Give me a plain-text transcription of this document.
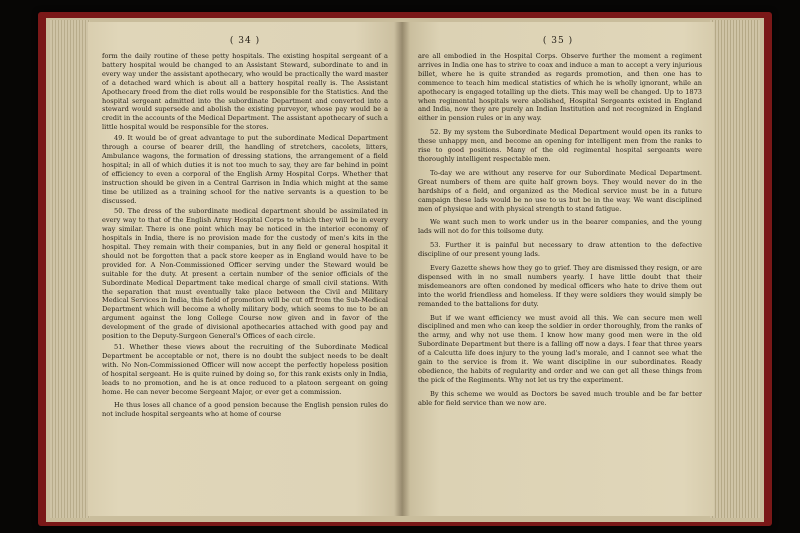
( 34 )

form the daily routine of these petty hospitals. The existing hospital sergeant of a battery hospital would be changed to an Assistant Steward, subordinate to and in every way under the assistant apothecary, who would be practically the ward master of a detached ward which is about all a battery hospital really is. The Assistant Apothecary freed from the diet rolls would be responsible for the Statistics. And the hospital sergeant admitted into the subordinate Department and converted into a steward would supersede and abolish the existing purveyor, whose pay would be a credit in the accounts of the Medical Department. The assistant apothecary of such a little hospital would be responsible for the stores.

49. It would be of great advantage to put the subordinate Medical Department through a course of bearer drill, the handling of stretchers, cacolets, litters, Ambulance wagons, the formation of dressing stations, the arrangement of a field hospital; in all of which duties it is not too much to say, they are far behind in point of efficiency to even a corporal of the English Army Hospital Corps. Whether that instruction should be given in a Central Garrison in India which might at the same time be utilized as a training school for the native servants is a question to be discussed.

50. The dress of the subordinate medical department should be assimilated in every way to that of the English Army Hospital Corps to which they will be in every way similar. There is one point which may be noticed in the interior economy of hospitals in India, there is no provision made for the custody of men's kits in the hospital. They remain with their companies, but in any field or general hospital it should not be forgotten that a pack store keeper as in England would have to be provided for. A Non-Commissioned Officer serving under the Steward would be suitable for the duty. At present a certain number of the senior officials of the Subordinate Medical Department take medical charge of small civil stations. With the separation that must eventually take place between the Civil and Military Medical Services in India, this field of promotion will be cut off from the Sub-Medical Department which will become a wholly military body, which seems to me to be an argument against the long College Course now given and in favor of the development of the grade of divisional apothecaries attached with good pay and position to the Deputy-Surgeon General's Offices of each circle.

51. Whether these views about the recruiting of the Subordinate Medical Department be acceptable or not, there is no doubt the subject needs to be dealt with. No Non-Commissioned Officer will now accept the perfectly hopeless position of hospital sergeant. He is quite ruined by doing so, for this rank exists only in India, leads to no promotion, and he is at once reduced to a platoon sergeant on going home. He can never become Sergeant Major, or ever get a commission.

He thus loses all chance of a good pension because the English pension rules do not include hospital sergeants who at home of course

( 35 )

are all embodied in the Hospital Corps. Observe further the moment a regiment arrives in India one has to strive to coax and induce a man to accept a very injurious billet, where he is quite stranded as regards promotion, and then one has to commence to teach him medical statistics of which he is wholly ignorant, while an apothecary is engaged totalling up the diets. This may well be changed. Up to 1873 when regimental hospitals were abolished, Hospital Sergeants existed in England and India, now they are purely an Indian Institution and not recognized in England either in pension rules or in any way.

52. By my system the Subordinate Medical Department would open its ranks to these unhappy men, and become an opening for intelligent men from the ranks to rise to good positions. Many of the old regimental hospital sergeants were thoroughly intelligent respectable men.

To-day we are without any reserve for our Subordinate Medical Department. Great numbers of them are quite half grown boys. They would never do in the hardships of a field, and organized as the Medical service must be in a future campaign these lads would be no use to us but be in the way. We want disciplined men of physique and with physical strength to stand fatigue.

We want such men to work under us in the bearer companies, and the young lads will not do for this toilsome duty.

53. Further it is painful but necessary to draw attention to the defective discipline of our present young lads.

Every Gazette shews how they go to grief. They are dismissed they resign, or are dispensed with in no small numbers yearly. I have little doubt that their misdemeanors are often condoned by medical officers who hate to drive them out into the world friendless and homeless. If they were soldiers they would simply be remanded to the battalions for duty.

But if we want efficiency we must avoid all this. We can secure men well disciplined and men who can keep the soldier in order thoroughly, from the ranks of the army, and why not use them. I know how many good men were in the old Subordinate Department but there is a falling off now a days. I fear that three years of a Calcutta life does injury to the young lad's morale, and I cannot see what the gain to the service is from it. We want discipline in our subordinates. Ready obedience, the habits of regularity and order and we can get all these things from the pick of the Regiments. Why not let us try the experiment.

By this scheme we would as Doctors be saved much trouble and be far better able for field service than we now are.
